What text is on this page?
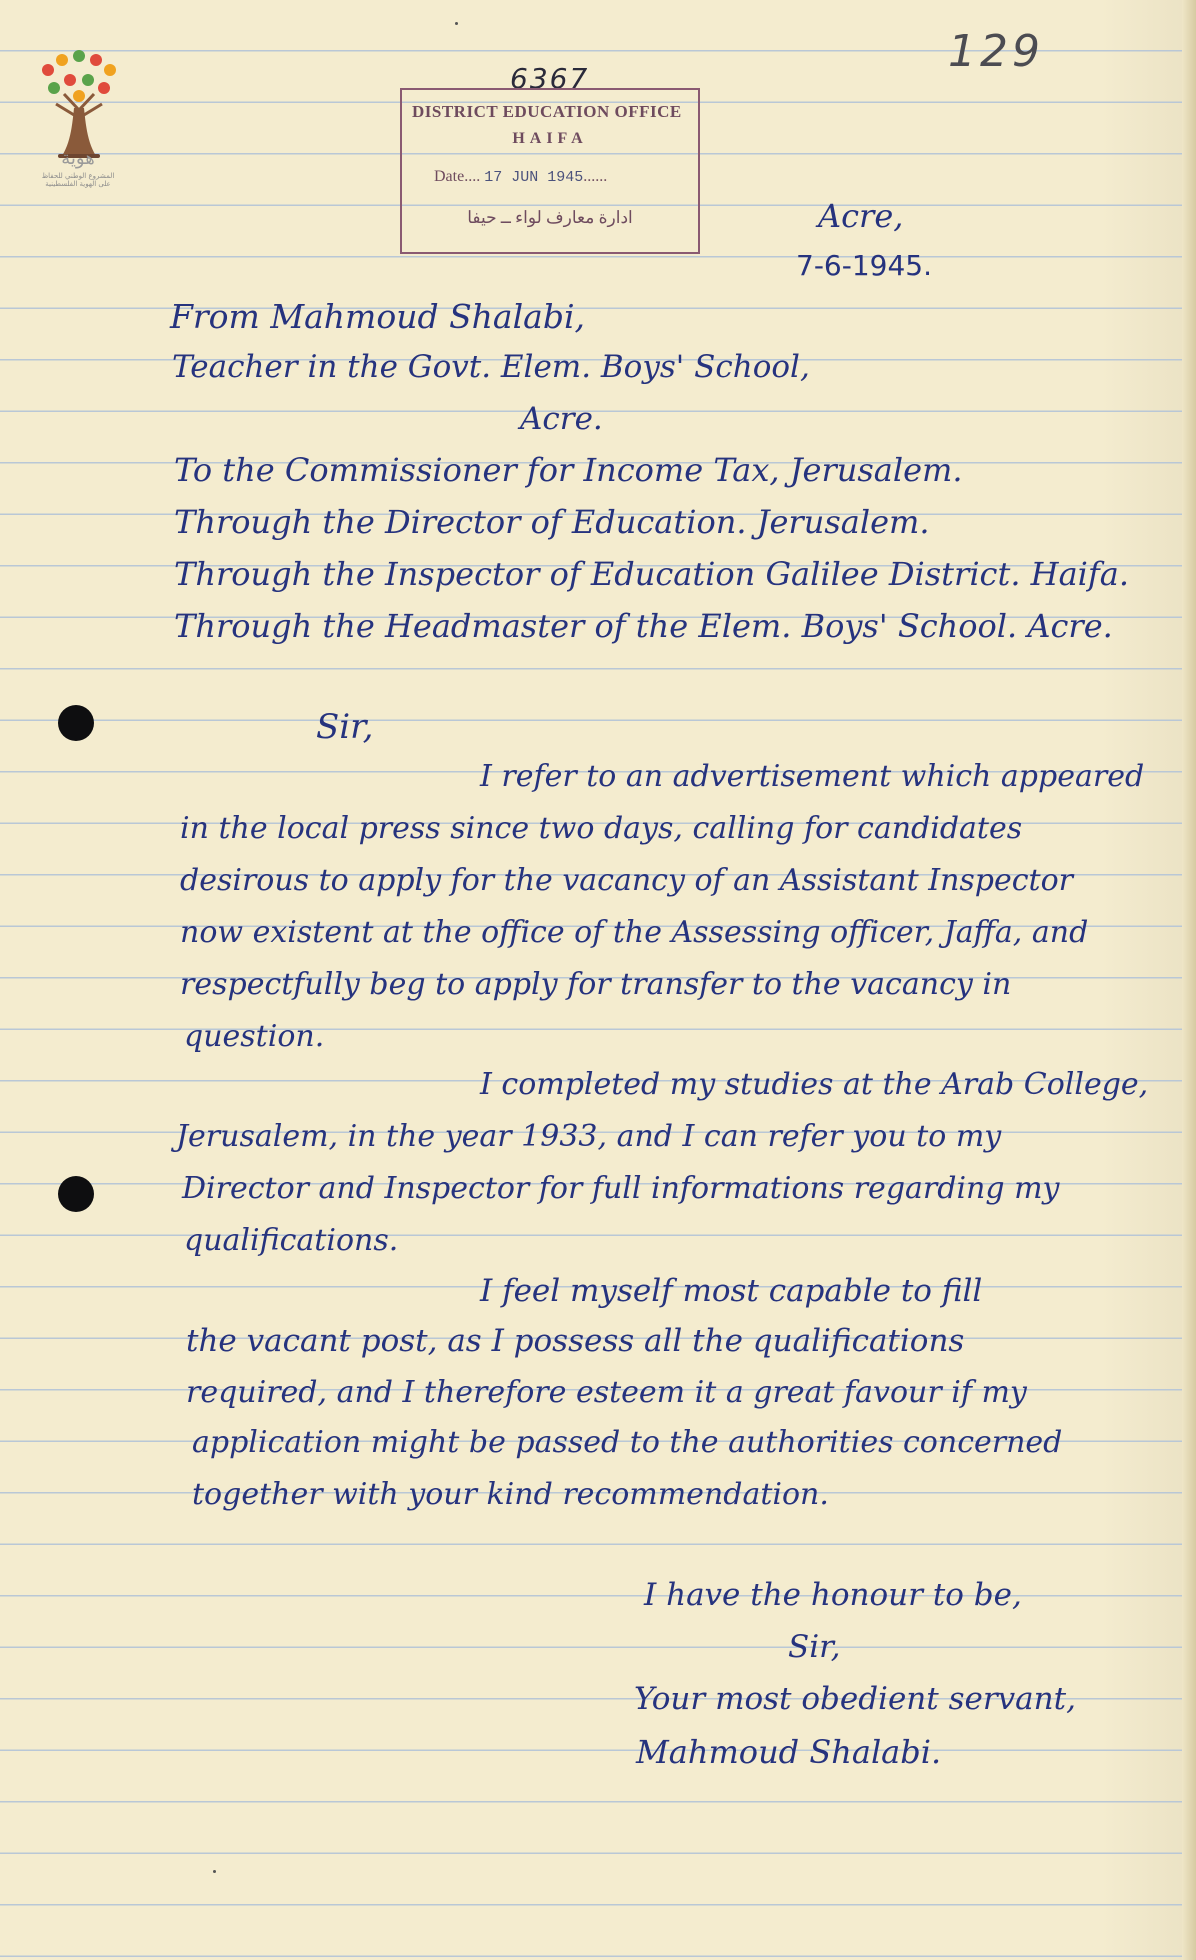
هوية
المشروع الوطني للحفاظ على الهوية الفلسطينية
129
6367
DISTRICT EDUCATION OFFICE
HAIFA
Date.... 17 JUN 1945......
ادارة معارف لواء ــ حيفا	Acre,
7-6-1945.
From Mahmoud Shalabi,
Teacher in the Govt. Elem. Boys' School,
Acre.
To the Commissioner for Income Tax, Jerusalem.
Through the Director of Education. Jerusalem.
Through the Inspector of Education Galilee District. Haifa.
Through the Headmaster of the Elem. Boys' School. Acre.
Sir,
I refer to an advertisement which appeared
in the local press since two days, calling for candidates
desirous to apply for the vacancy of an Assistant Inspector
now existent at the office of the Assessing officer, Jaffa, and
respectfully beg to apply for transfer to the vacancy in
question.
I completed my studies at the Arab College,
Jerusalem, in the year 1933, and I can refer you to my
Director and Inspector for full informations regarding my
qualifications.
I feel myself most capable to fill
the vacant post, as I possess all the qualifications
required, and I therefore esteem it a great favour if my
application might be passed to the authorities concerned
together with your kind recommendation.
I have the honour to be,
Sir,
Your most obedient servant,
Mahmoud Shalabi.
